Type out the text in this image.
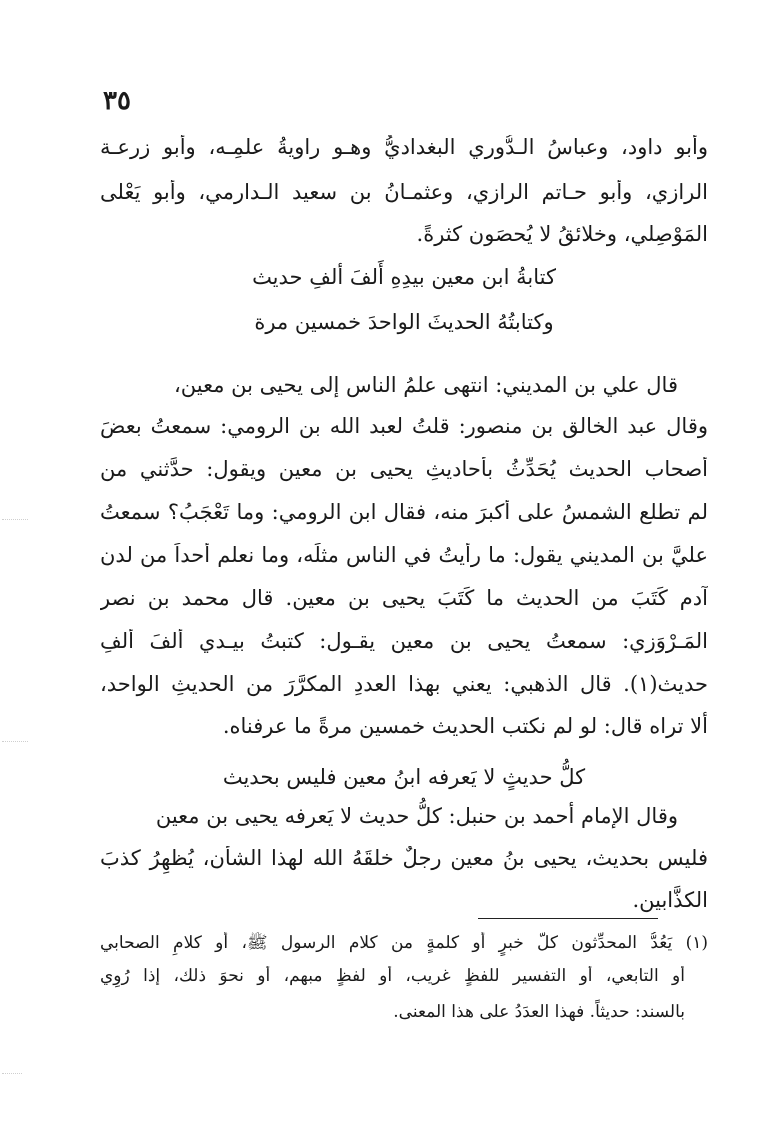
٣٥
وأبو داود، وعباسُ الـدُّوري البغداديُّ وهـو راويةُ علمِـه، وأبو زرعـة
الرازي، وأبو حـاتم الرازي، وعثمـانُ بن سعيد الـدارمي، وأبو يَعْلى
المَوْصِلي، وخلائقُ لا يُحصَون كثرةً.
كتابةُ ابن معين بيدِهِ أَلفَ ألفِ حديث
وكتابتُهُ الحديثَ الواحدَ خمسين مرة
قال علي بن المديني: انتهى علمُ الناس إلى يحيى بن معين،
وقال عبد الخالق بن منصور: قلتُ لعبد الله بن الرومي: سمعتُ بعضَ
أصحاب الحديث يُحَدِّثُ بأحاديثِ يحيى بن معين ويقول: حدَّثني من
لم تطلع الشمسُ على أكبرَ منه، فقال ابن الرومي: وما تَعْجَبُ؟ سمعتُ
عليَّ بن المديني يقول: ما رأيتُ في الناس مثلَه، وما نعلم أحداً من لدن
آدم كَتَبَ من الحديث ما كَتَبَ يحيى بن معين. قال محمد بن نصر
المَـرْوَزي: سمعتُ يحيى بن معين يقـول: كتبتُ بيـدي ألفَ ألفِ
حديث(١). قال الذهبي: يعني بهذا العددِ المكرَّرَ من الحديثِ الواحد،
ألا تراه قال: لو لم نكتب الحديث خمسين مرةً ما عرفناه.
كلُّ حديثٍ لا يَعرفه ابنُ معين فليس بحديث
وقال الإمام أحمد بن حنبل: كلُّ حديث لا يَعرفه يحيى بن معين
فليس بحديث، يحيى بنُ معين رجلٌ خلقَهُ الله لهذا الشأن، يُظهِرُ كذبَ
الكذَّابين.
(١) يَعُدُّ المحدِّثون كلَّ خبرٍ أو كلمةٍ من كلام الرسول ﷺ، أو كلامِ الصحابي
أو التابعي، أو التفسير للفظٍ غريب، أو لفظٍ مبهم، أو نحوَ ذلك، إذا رُوِي
بالسند: حديثاً. فهذا العدَدُ على هذا المعنى.
